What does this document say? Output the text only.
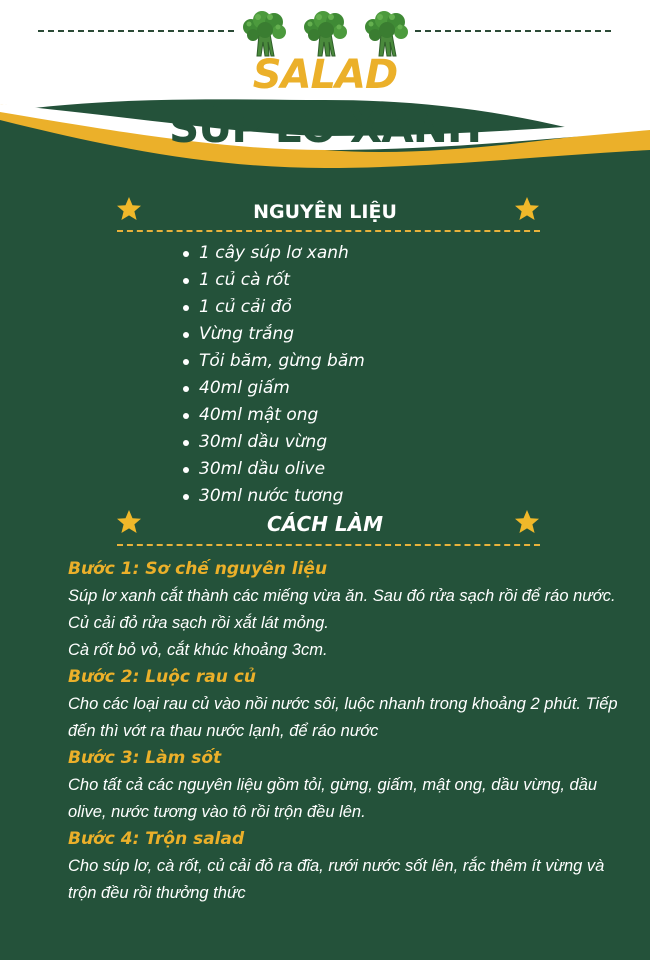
SALAD
SÚP LƠ XANH
NGUYÊN LIỆU
1 cây súp lơ xanh
1 củ cà rốt
1 củ cải đỏ
Vừng trắng
Tỏi băm, gừng băm
40ml giấm
40ml mật ong
30ml dầu vừng
30ml dầu olive
30ml nước tương
CÁCH LÀM
Bước 1: Sơ chế nguyên liệu

Súp lơ xanh cắt thành các miếng vừa ăn. Sau đó rửa sạch rồi để ráo nước.

Củ cải đỏ rửa sạch rồi xắt lát mỏng.

Cà rốt bỏ vỏ, cắt khúc khoảng 3cm.

Bước 2: Luộc rau củ

Cho các loại rau củ vào nồi nước sôi, luộc nhanh trong khoảng 2 phút. Tiếp đến thì vớt ra thau nước lạnh, để ráo nước

Bước 3: Làm sốt

Cho tất cả các nguyên liệu gồm tỏi, gừng, giấm, mật ong, dầu vừng, dầu olive, nước tương vào tô rồi trộn đều lên.

Bước 4: Trộn salad

Cho súp lơ, cà rốt, củ cải đỏ ra đĩa, rưới nước sốt lên, rắc thêm ít vừng và trộn đều rồi thưởng thức
